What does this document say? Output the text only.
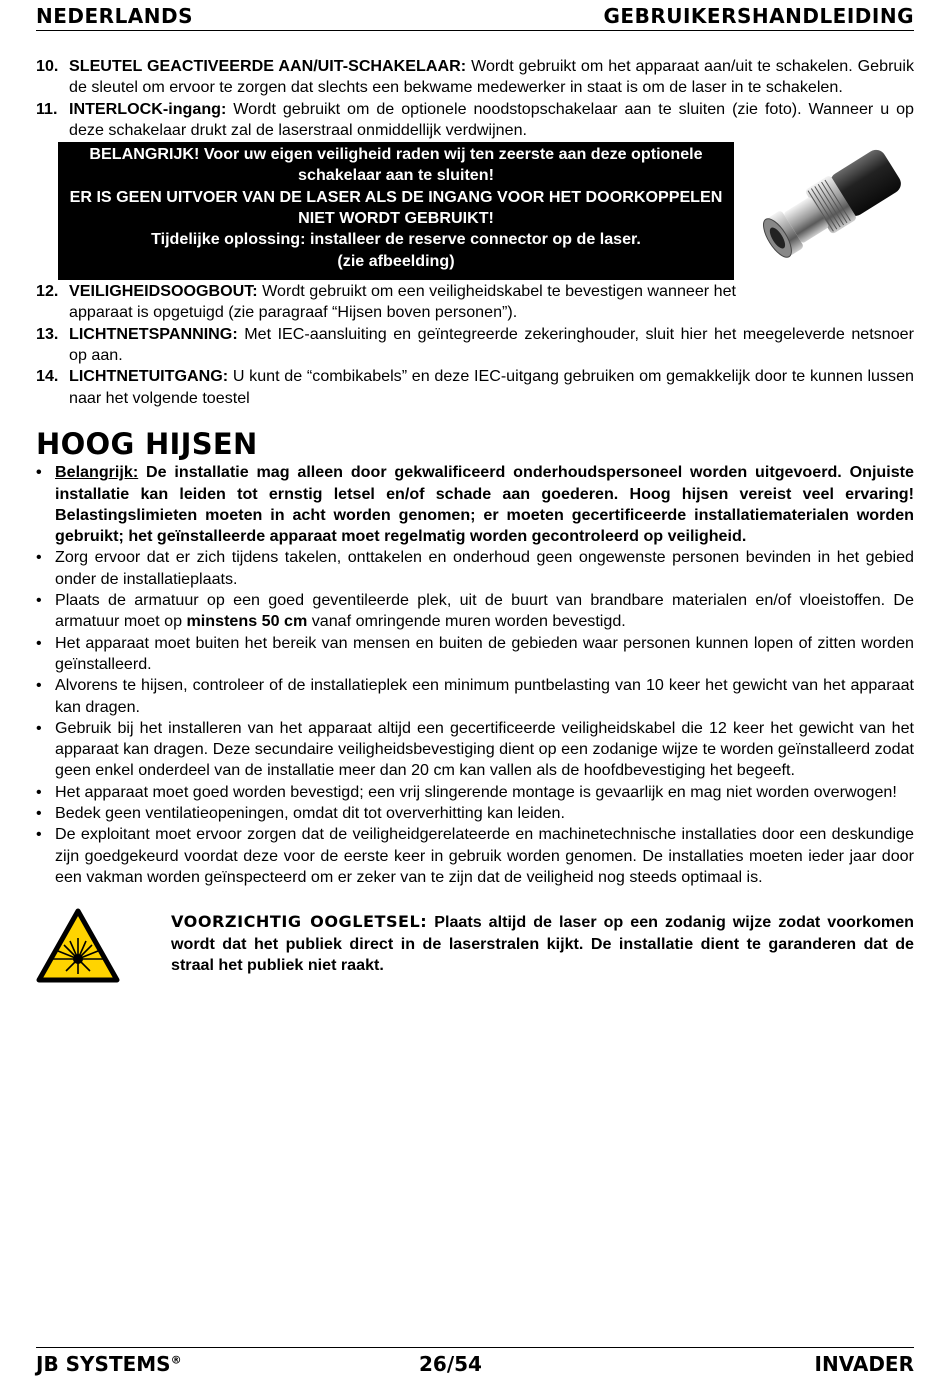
NEDERLANDS	GEBRUIKERSHANDLEIDING
10. SLEUTEL GEACTIVEERDE AAN/UIT-SCHAKELAAR: Wordt gebruikt om het apparaat aan/uit te schakelen. Gebruik de sleutel om ervoor te zorgen dat slechts een bekwame medewerker in staat is om de laser in te schakelen.
11. INTERLOCK-ingang: Wordt gebruikt om de optionele noodstopschakelaar aan te sluiten (zie foto). Wanneer u op deze schakelaar drukt zal de laserstraal onmiddellijk verdwijnen.
BELANGRIJK! Voor uw eigen veiligheid raden wij ten zeerste aan deze optionele schakelaar aan te sluiten!
ER IS GEEN UITVOER VAN DE LASER ALS DE INGANG VOOR HET DOORKOPPELEN NIET WORDT GEBRUIKT!
Tijdelijke oplossing: installeer de reserve connector op de laser.
(zie afbeelding)
12. VEILIGHEIDSOOGBOUT: Wordt gebruikt om een veiligheidskabel te bevestigen wanneer het apparaat is opgetuigd (zie paragraaf “Hijsen boven personen”).
13. LICHTNETSPANNING: Met IEC-aansluiting en geïntegreerde zekeringhouder, sluit hier het meegeleverde netsnoer op aan.
14. LICHTNETUITGANG: U kunt de “combikabels” en deze IEC-uitgang gebruiken om gemakkelijk door te kunnen lussen naar het volgende toestel
HOOG HIJSEN
• Belangrijk: De installatie mag alleen door gekwalificeerd onderhoudspersoneel worden uitgevoerd. Onjuiste installatie kan leiden tot ernstig letsel en/of schade aan goederen. Hoog hijsen vereist veel ervaring! Belastingslimieten moeten in acht worden genomen; er moeten gecertificeerde installatiematerialen worden gebruikt; het geïnstalleerde apparaat moet regelmatig worden gecontroleerd op veiligheid.
• Zorg ervoor dat er zich tijdens takelen, onttakelen en onderhoud geen ongewenste personen bevinden in het gebied onder de installatieplaats.
• Plaats de armatuur op een goed geventileerde plek, uit de buurt van brandbare materialen en/of vloeistoffen. De armatuur moet op minstens 50 cm vanaf omringende muren worden bevestigd.
• Het apparaat moet buiten het bereik van mensen en buiten de gebieden waar personen kunnen lopen of zitten worden geïnstalleerd.
• Alvorens te hijsen, controleer of de installatieplek een minimum puntbelasting van 10 keer het gewicht van het apparaat kan dragen.
• Gebruik bij het installeren van het apparaat altijd een gecertificeerde veiligheidskabel die 12 keer het gewicht van het apparaat kan dragen. Deze secundaire veiligheidsbevestiging dient op een zodanige wijze te worden geïnstalleerd zodat geen enkel onderdeel van de installatie meer dan 20 cm kan vallen als de hoofdbevestiging het begeeft.
• Het apparaat moet goed worden bevestigd; een vrij slingerende montage is gevaarlijk en mag niet worden overwogen!
• Bedek geen ventilatieopeningen, omdat dit tot oververhitting kan leiden.
• De exploitant moet ervoor zorgen dat de veiligheidgerelateerde en machinetechnische installaties door een deskundige zijn goedgekeurd voordat deze voor de eerste keer in gebruik worden genomen. De installaties moeten ieder jaar door een vakman worden geïnspecteerd om er zeker van te zijn dat de veiligheid nog steeds optimaal is.
VOORZICHTIG OOGLETSEL: Plaats altijd de laser op een zodanig wijze zodat voorkomen wordt dat het publiek direct in de laserstralen kijkt. De installatie dient te garanderen dat de straal het publiek niet raakt.
JB SYSTEMS®	26/54	INVADER
